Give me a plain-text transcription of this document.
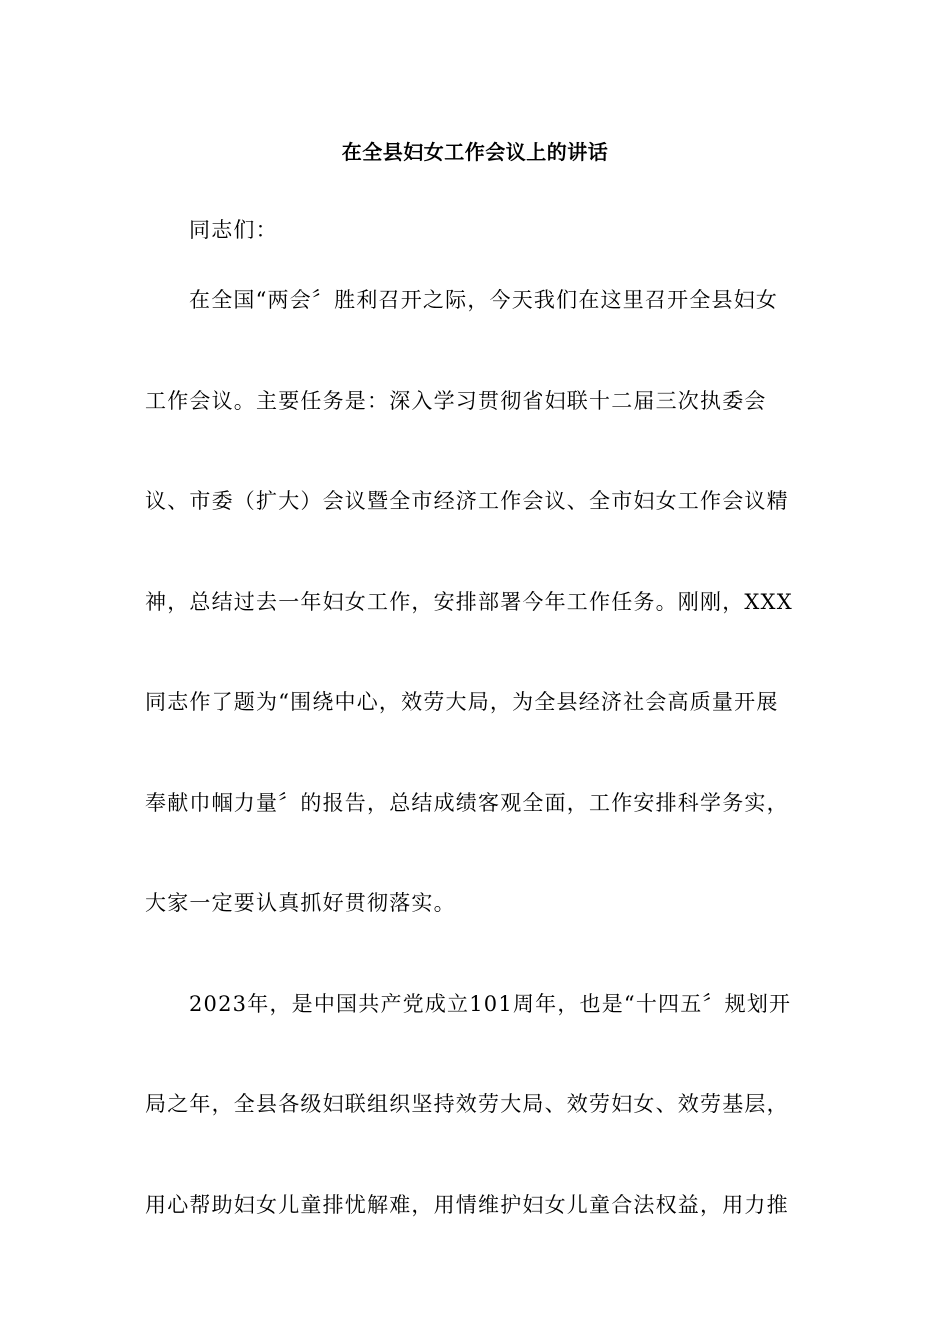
在全县妇女工作会议上的讲话
同志们：
在全国“两会〞胜利召开之际，今天我们在这里召开全县妇女
工作会议。主要任务是：深入学习贯彻省妇联十二届三次执委会
议、市委（扩大）会议暨全市经济工作会议、全市妇女工作会议精
神，总结过去一年妇女工作，安排部署今年工作任务。刚刚，XXX
同志作了题为“围绕中心，效劳大局，为全县经济社会高质量开展
奉献巾帼力量〞的报告，总结成绩客观全面，工作安排科学务实，
大家一定要认真抓好贯彻落实。
2023年，是中国共产党成立101周年，也是“十四五〞规划开
局之年，全县各级妇联组织坚持效劳大局、效劳妇女、效劳基层，
用心帮助妇女儿童排忧解难，用情维护妇女儿童合法权益，用力推
